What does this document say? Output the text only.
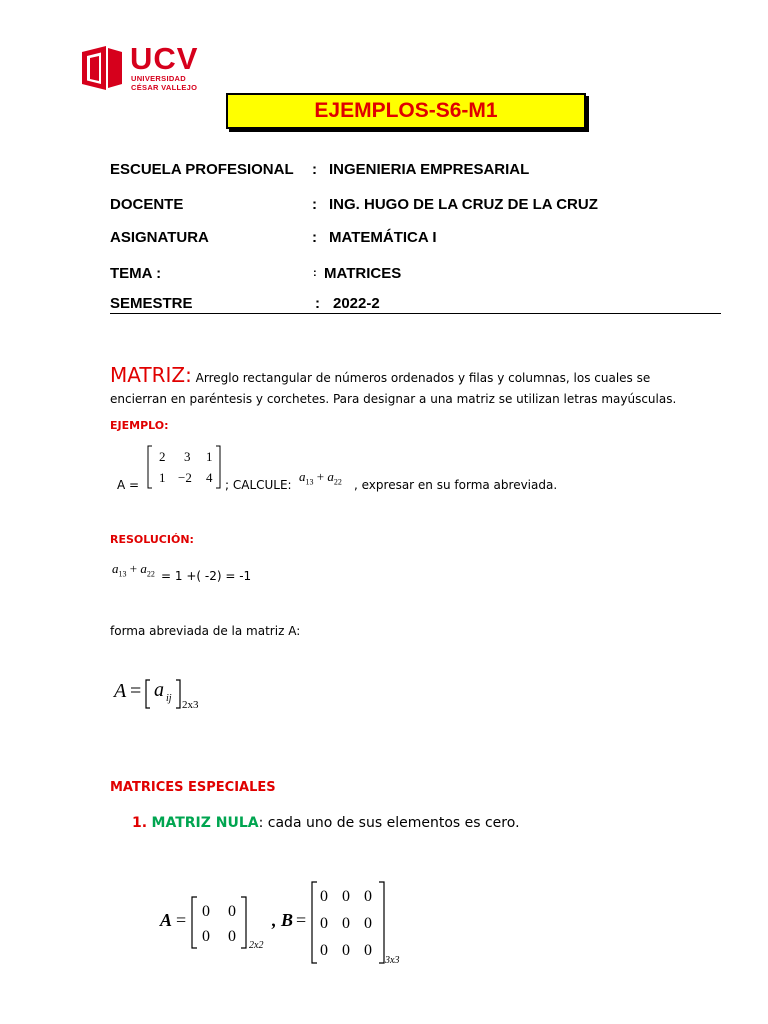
UCV
UNIVERSIDAD
CÉSAR VALLEJO
EJEMPLOS-S6-M1
ESCUELA PROFESIONAL : INGENIERIA EMPRESARIAL
DOCENTE	: ING. HUGO DE LA CRUZ DE LA CRUZ
ASIGNATURA	: MATEMÁTICA I
TEMA :	: MATRICES
SEMESTRE	: 2022-2
MATRIZ: Arreglo rectangular de números ordenados y filas y columnas, los cuales se
encierran en paréntesis y corchetes. Para designar a una matriz se utilizan letras mayúsculas.
EJEMPLO:
A =
2 3 1
1 −2 4 ; CALCULE:
$a_{13} + a_{22}$ , expresar en su forma abreviada.
RESOLUCIÓN:
$a_{13} + a_{22} = 1$ +( -2) = -1
forma abreviada de la matriz A:
A = a ij
2x3
MATRICES ESPECIALES
1. MATRIZ NULA: cada uno de sus elementos es cero.
A = 0 0
0 0
2x2
, B =
0 0 0
0 0 0
0 0 0
3x3
